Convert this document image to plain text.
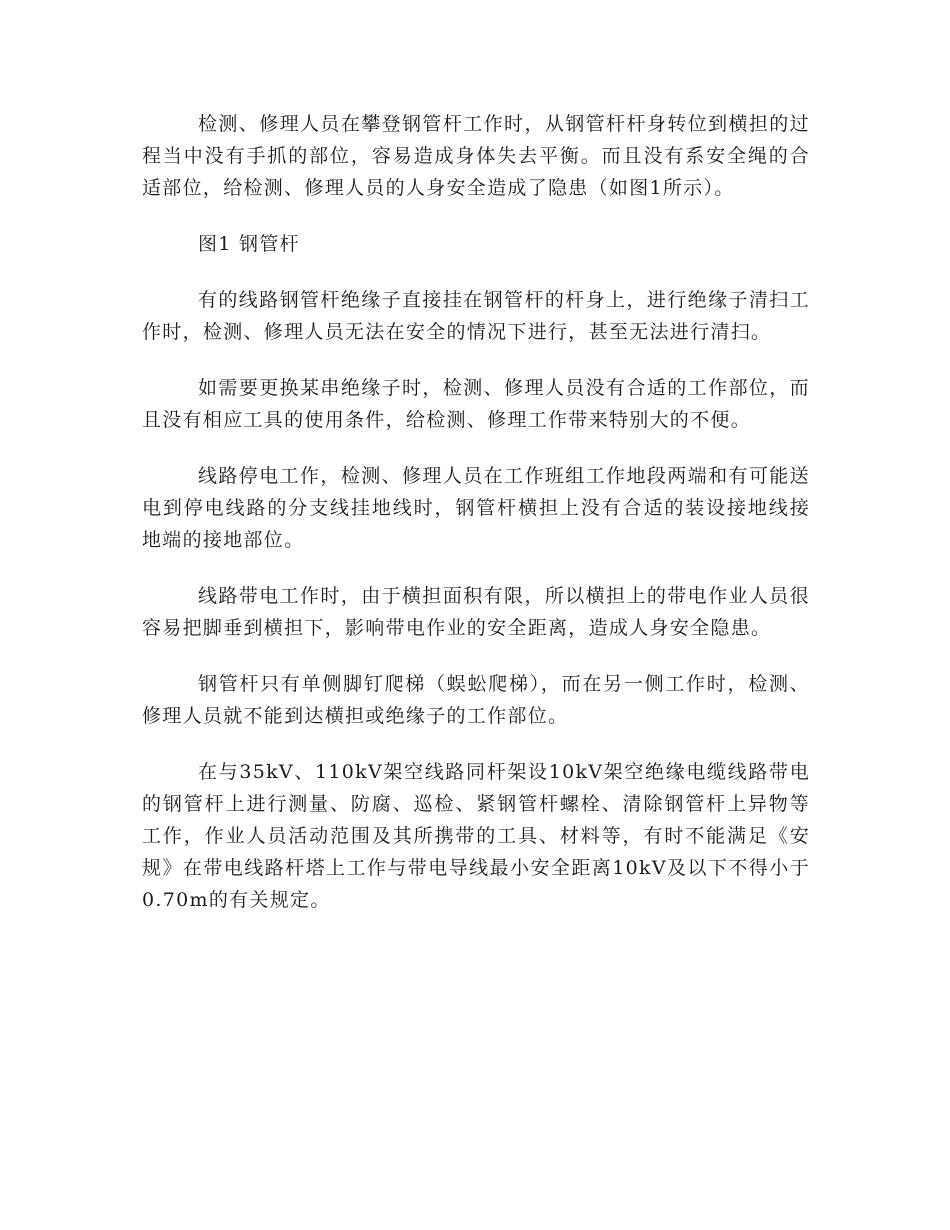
检测、修理人员在攀登钢管杆工作时，从钢管杆杆身转位到横担的过程当中没有手抓的部位，容易造成身体失去平衡。而且没有系安全绳的合适部位，给检测、修理人员的人身安全造成了隐患（如图1所示）。

图1 钢管杆

有的线路钢管杆绝缘子直接挂在钢管杆的杆身上，进行绝缘子清扫工作时，检测、修理人员无法在安全的情况下进行，甚至无法进行清扫。

如需要更换某串绝缘子时，检测、修理人员没有合适的工作部位，而且没有相应工具的使用条件，给检测、修理工作带来特别大的不便。

线路停电工作，检测、修理人员在工作班组工作地段两端和有可能送电到停电线路的分支线挂地线时，钢管杆横担上没有合适的装设接地线接地端的接地部位。

线路带电工作时，由于横担面积有限，所以横担上的带电作业人员很容易把脚垂到横担下，影响带电作业的安全距离，造成人身安全隐患。

钢管杆只有单侧脚钉爬梯（蜈蚣爬梯），而在另一侧工作时，检测、修理人员就不能到达横担或绝缘子的工作部位。

在与35kV、110kV架空线路同杆架设10kV架空绝缘电缆线路带电的钢管杆上进行测量、防腐、巡检、紧钢管杆螺栓、清除钢管杆上异物等工作，作业人员活动范围及其所携带的工具、材料等，有时不能满足《安规》在带电线路杆塔上工作与带电导线最小安全距离10kV及以下不得小于0.70m的有关规定。
